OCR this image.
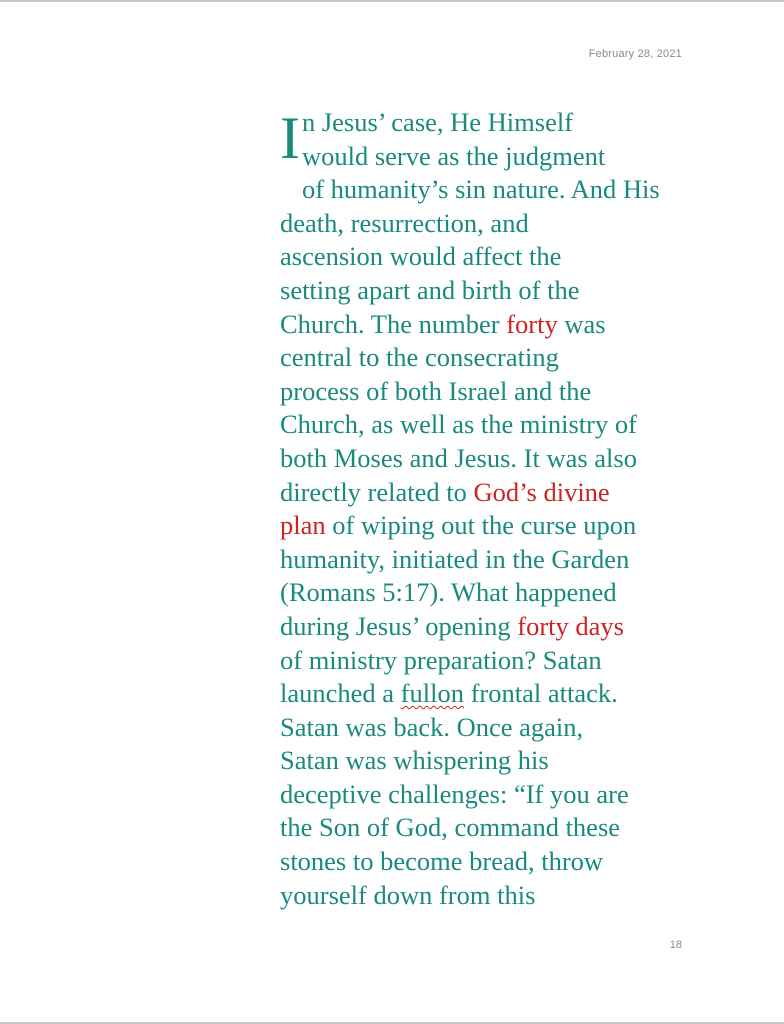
February 28, 2021
I n Jesus’ case, He Himself
would serve as the judgment
of humanity’s sin nature. And His
death, resurrection, and
ascension would affect the
setting apart and birth of the
Church. The number forty was
central to the consecrating
process of both Israel and the
Church, as well as the ministry of
both Moses and Jesus. It was also
directly related to God’s divine
plan of wiping out the curse upon
humanity, initiated in the Garden
(Romans 5:17). What happened
during Jesus’ opening forty days
of ministry preparation? Satan
launched a fullon frontal attack.
Satan was back. Once again,
Satan was whispering his
deceptive challenges: “If you are
the Son of God, command these
stones to become bread, throw
yourself down from this
18
